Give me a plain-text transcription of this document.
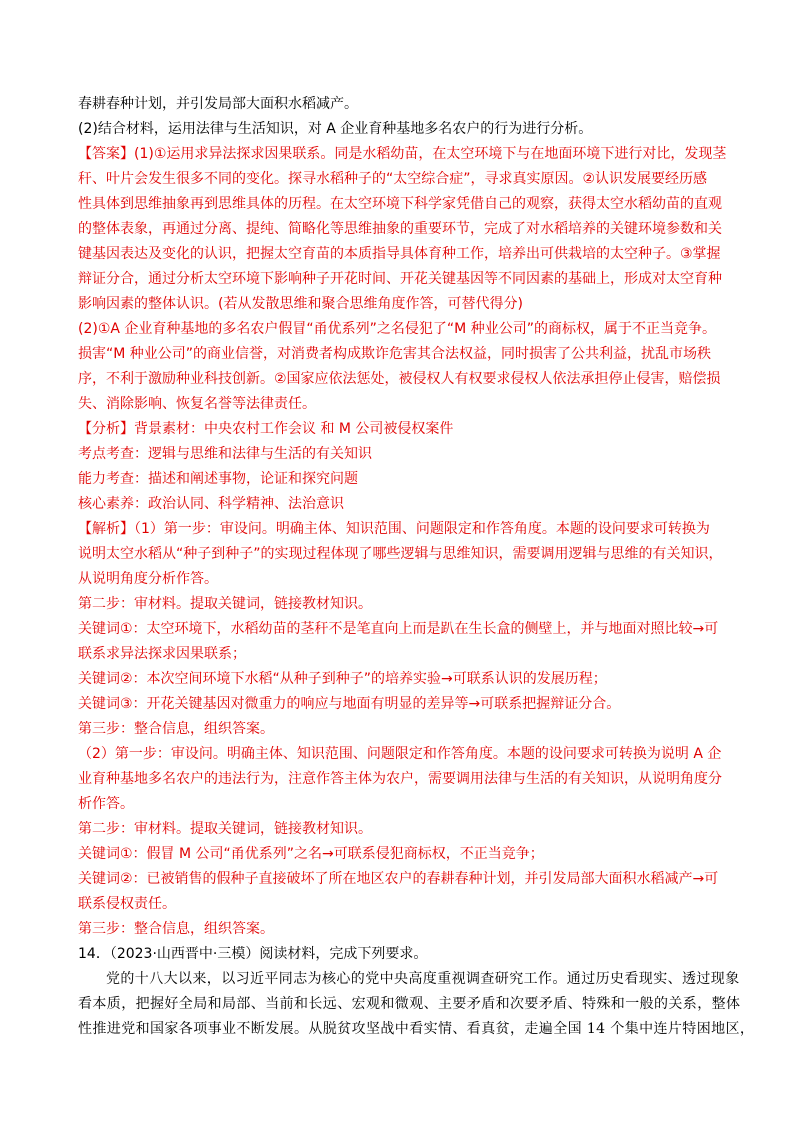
春耕春种计划，并引发局部大面积水稻减产。
(2)结合材料，运用法律与生活知识，对 A 企业育种基地多名农户的行为进行分析。
【答案】(1)①运用求异法探求因果联系。同是水稻幼苗，在太空环境下与在地面环境下进行对比，发现茎
秆、叶片会发生很多不同的变化。探寻水稻种子的“太空综合症”，寻求真实原因。②认识发展要经历感
性具体到思维抽象再到思维具体的历程。在太空环境下科学家凭借自己的观察，获得太空水稻幼苗的直观
的整体表象，再通过分离、提纯、简略化等思维抽象的重要环节，完成了对水稻培养的关键环境参数和关
键基因表达及变化的认识，把握太空育苗的本质指导具体育种工作，培养出可供栽培的太空种子。③掌握
辩证分合，通过分析太空环境下影响种子开花时间、开花关键基因等不同因素的基础上，形成对太空育种
影响因素的整体认识。(若从发散思维和聚合思维角度作答，可替代得分)
(2)①A 企业育种基地的多名农户假冒“甬优系列”之名侵犯了“M 种业公司”的商标权，属于不正当竞争。
损害“M 种业公司”的商业信誉，对消费者构成欺诈危害其合法权益，同时损害了公共利益，扰乱市场秩
序，不利于激励种业科技创新。②国家应依法惩处，被侵权人有权要求侵权人依法承担停止侵害，赔偿损
失、消除影响、恢复名誉等法律责任。
【分析】背景素材：中央农村工作会议 和 M 公司被侵权案件
考点考查：逻辑与思维和法律与生活的有关知识
能力考查：描述和阐述事物，论证和探究问题
核心素养：政治认同、科学精神、法治意识
【解析】（1）第一步：审设问。明确主体、知识范围、问题限定和作答角度。本题的设问要求可转换为
说明太空水稻从“种子到种子”的实现过程体现了哪些逻辑与思维知识，需要调用逻辑与思维的有关知识，
从说明角度分析作答。
第二步：审材料。提取关键词，链接教材知识。
关键词①：太空环境下，水稻幼苗的茎秆不是笔直向上而是趴在生长盒的侧壁上，并与地面对照比较→可
联系求异法探求因果联系；
关键词②：本次空间环境下水稻“从种子到种子”的培养实验→可联系认识的发展历程；
关键词③：开花关键基因对微重力的响应与地面有明显的差异等→可联系把握辩证分合。
第三步：整合信息，组织答案。
（2）第一步：审设问。明确主体、知识范围、问题限定和作答角度。本题的设问要求可转换为说明 A 企
业育种基地多名农户的违法行为，注意作答主体为农户，需要调用法律与生活的有关知识，从说明角度分
析作答。
第二步：审材料。提取关键词，链接教材知识。
关键词①：假冒 M 公司“甬优系列”之名→可联系侵犯商标权，不正当竞争；
关键词②：已被销售的假种子直接破坏了所在地区农户的春耕春种计划，并引发局部大面积水稻减产→可
联系侵权责任。
第三步：整合信息，组织答案。
14．（2023·山西晋中·三模）阅读材料，完成下列要求。
党的十八大以来，以习近平同志为核心的党中央高度重视调查研究工作。通过历史看现实、透过现象
看本质，把握好全局和局部、当前和长远、宏观和微观、主要矛盾和次要矛盾、特殊和一般的关系，整体
性推进党和国家各项事业不断发展。从脱贫攻坚战中看实情、看真贫，走遍全国 14 个集中连片特困地区，
